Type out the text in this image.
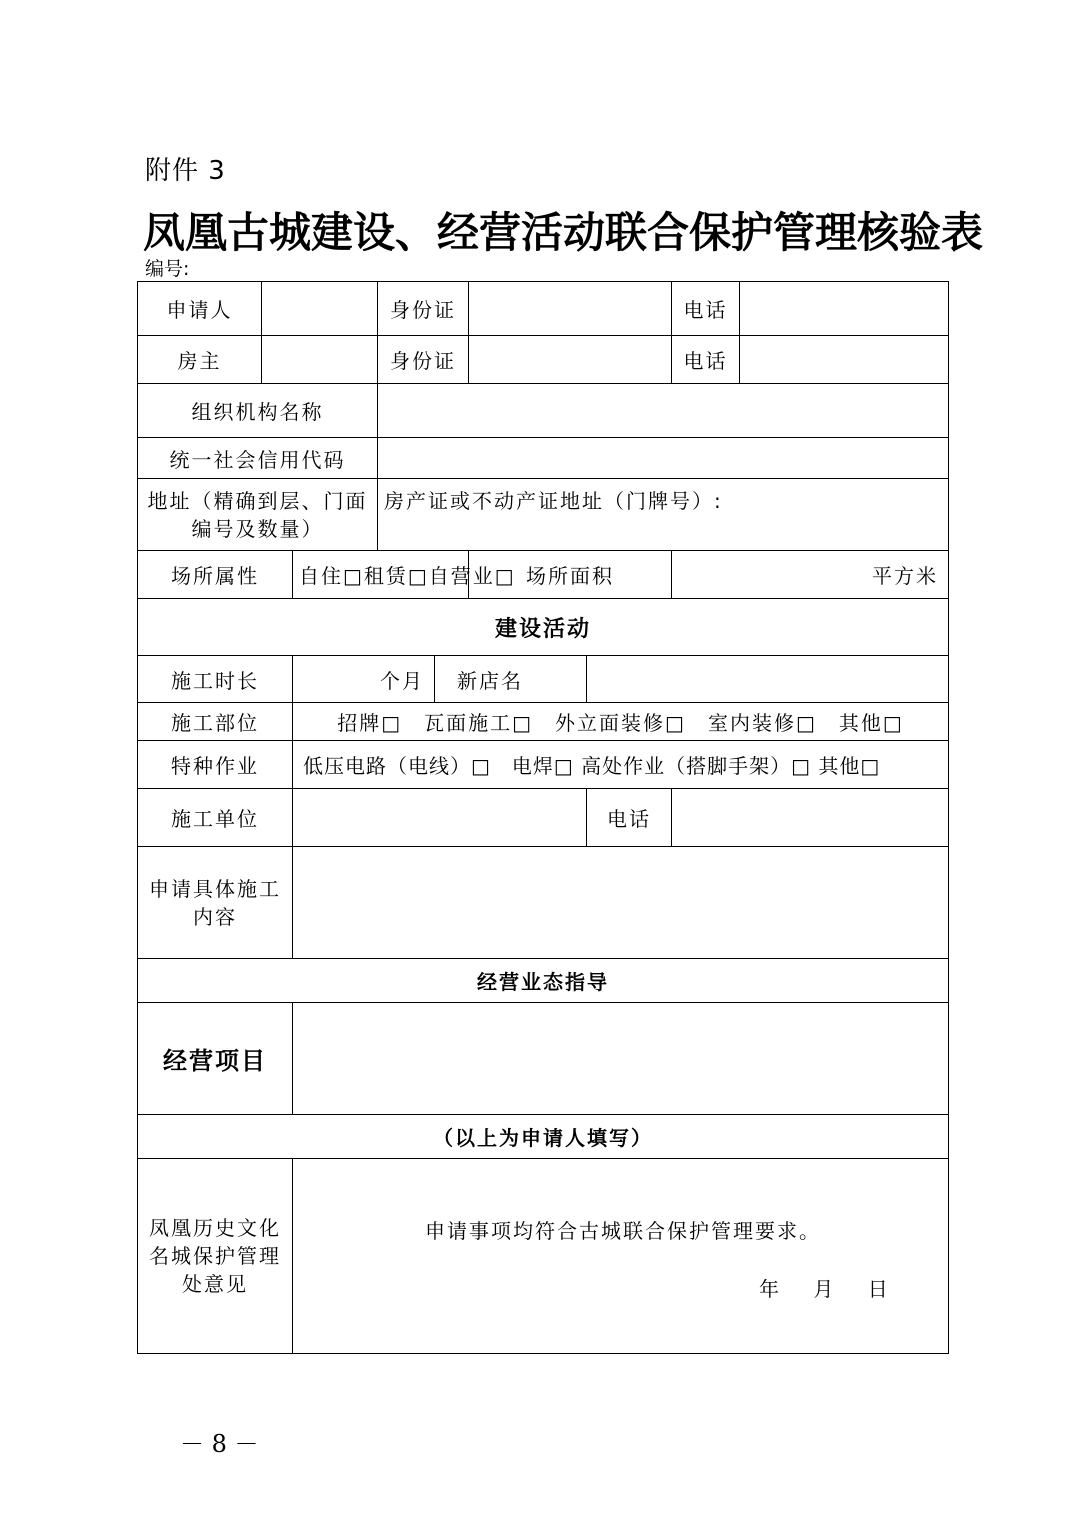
附件 3
凤凰古城建设、经营活动联合保护管理核验表
编号:
申请人			身份证				电话	
房主			身份证				电话	
组织机构名称								
统一社会信用代码								
地址（精确到层、门面编号及数量）			房产证或不动产证地址（门牌号）:					
场所属性		自住□租赁□自营业□			场所面积		平方米	
建设活动								
施工时长		个月		新店名				
施工部位		招牌□　瓦面施工□　外立面装修□　室内装修□　其他□						
特种作业		低压电路（电线）□　电焊□ 高处作业（搭脚手架）□ 其他□						
施工单位						电话		
申请具体施工内容								
经营业态指导								
经营项目								
（以上为申请人填写）								
凤凰历史文化名城保护管理处意见		申请事项均符合古城联合保护管理要求。
年 月 日						
－ 8 －
